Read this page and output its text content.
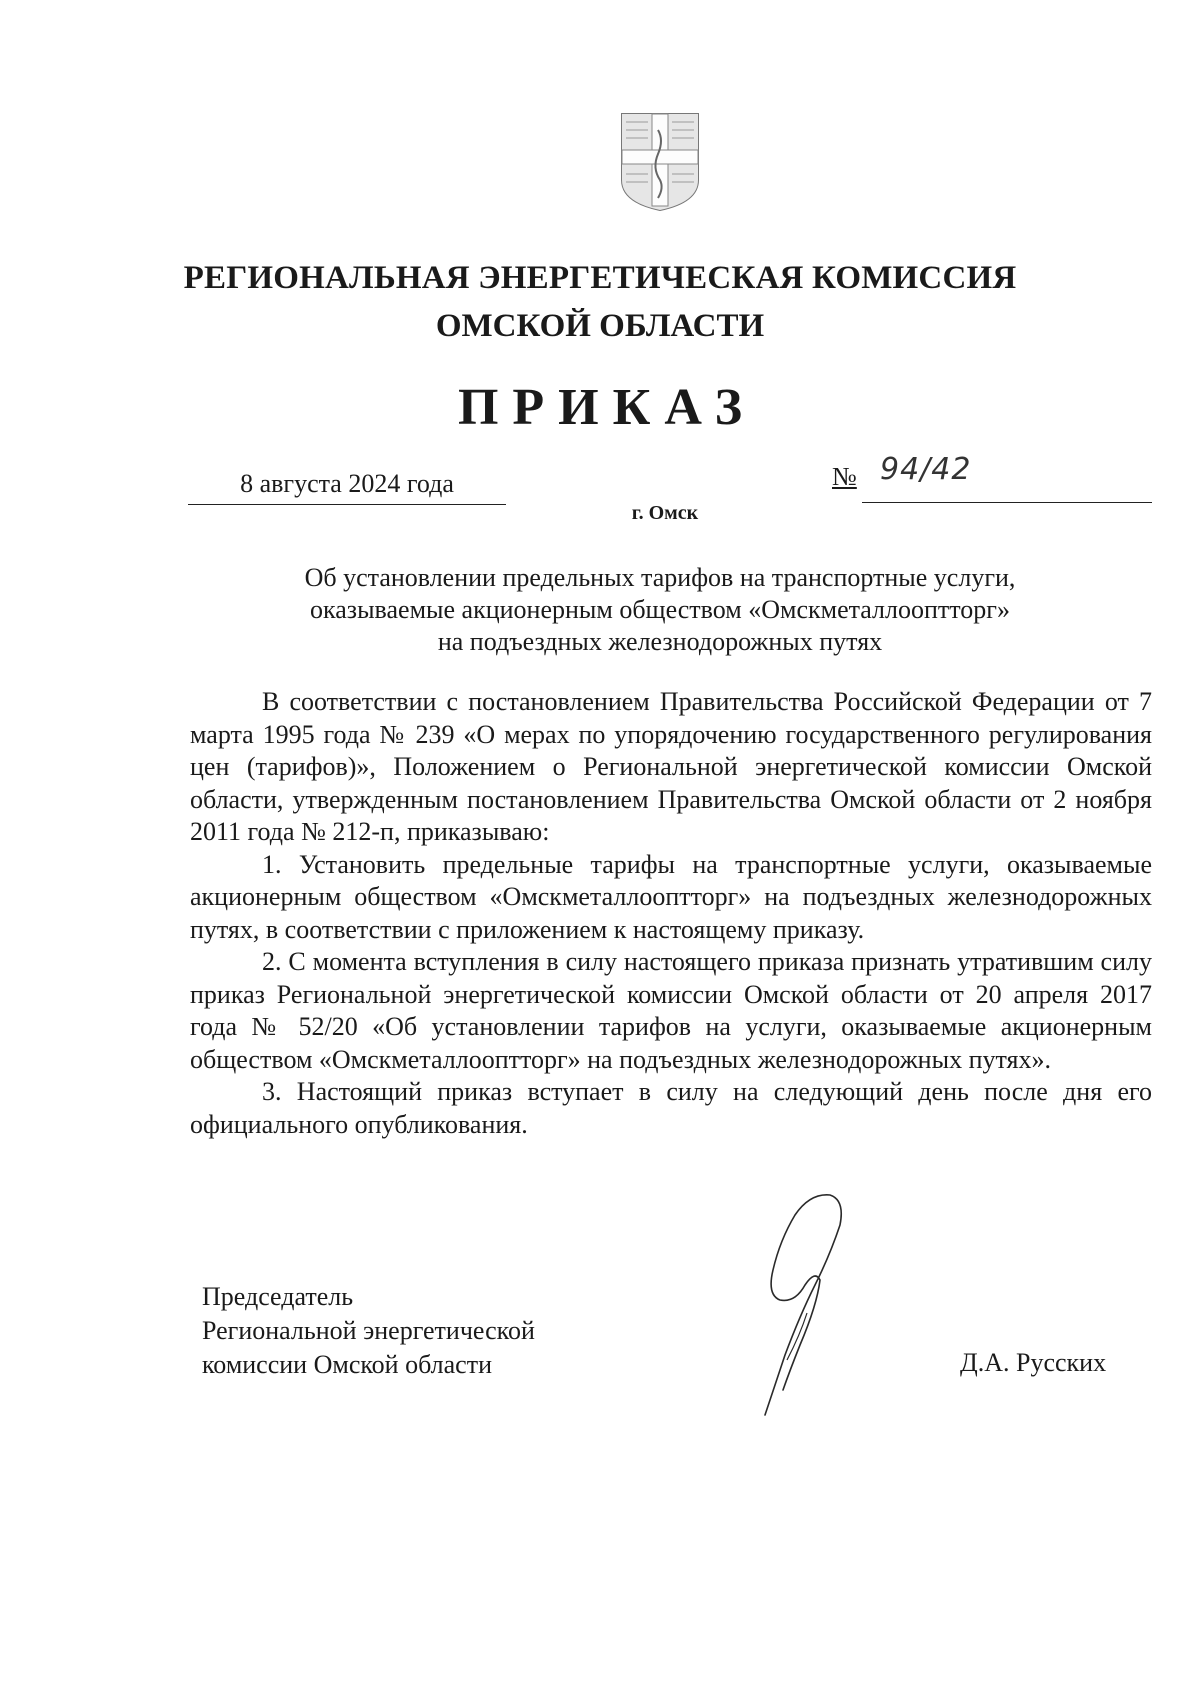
РЕГИОНАЛЬНАЯ ЭНЕРГЕТИЧЕСКАЯ КОМИССИЯ
ОМСКОЙ ОБЛАСТИ
ПРИКАЗ
8 августа 2024 года	№ 94/42
г. Омск
Об установлении предельных тарифов на транспортные услуги,
оказываемые акционерным обществом «Омскметаллооптторг»
на подъездных железнодорожных путях

В соответствии с постановлением Правительства Российской Федерации от 7 марта 1995 года № 239 «О мерах по упорядочению государственного регулирования цен (тарифов)», Положением о Региональной энергетической комиссии Омской области, утвержденным постановлением Правительства Омской области от 2 ноября 2011 года № 212-п, приказываю:

1. Установить предельные тарифы на транспортные услуги, оказываемые акционерным обществом «Омскметаллооптторг» на подъездных железнодорожных путях, в соответствии с приложением к настоящему приказу.

2. С момента вступления в силу настоящего приказа признать утратившим силу приказ Региональной энергетической комиссии Омской области от 20 апреля 2017 года № 52/20 «Об установлении тарифов на услуги, оказываемые акционерным обществом «Омскметаллооптторг» на подъездных железнодорожных путях».

3. Настоящий приказ вступает в силу на следующий день после дня его официального опубликования.

Председатель
Региональной энергетической
комиссии Омской области	Д.А. Русских
